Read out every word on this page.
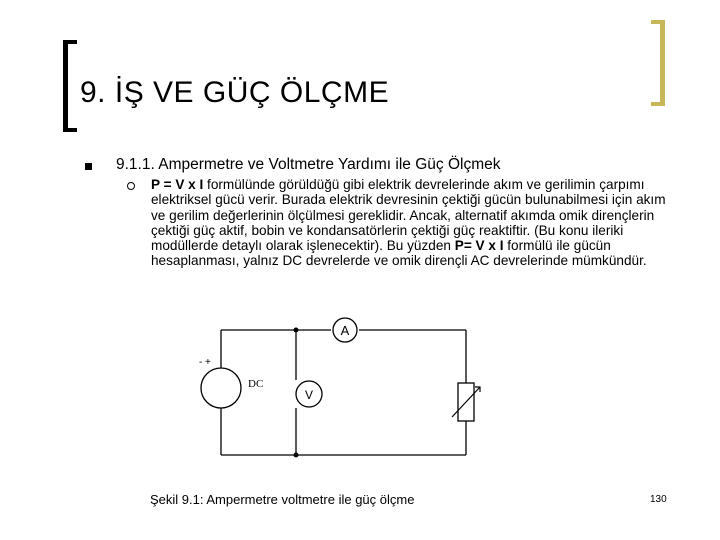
9. İŞ VE GÜÇ ÖLÇME
9.1.1. Ampermetre ve Voltmetre Yardımı ile Güç Ölçmek
P = V x I formülünde görüldüğü gibi elektrik devrelerinde akım ve gerilimin çarpımı elektriksel gücü verir. Burada elektrik devresinin çektiği gücün bulunabilmesi için akım ve gerilim değerlerinin ölçülmesi gereklidir. Ancak, alternatif akımda omik dirençlerin çektiği güç aktif, bobin ve kondansatörlerin çektiği güç reaktiftir. (Bu konu ileriki modüllerde detaylı olarak işlenecektir). Bu yüzden P= V x I formülü ile gücün hesaplanması, yalnız DC devrelerde ve omik dirençli AC devrelerinde mümkündür.
A
V
DC
- +
Şekil 9.1: Ampermetre voltmetre ile güç ölçme	130
